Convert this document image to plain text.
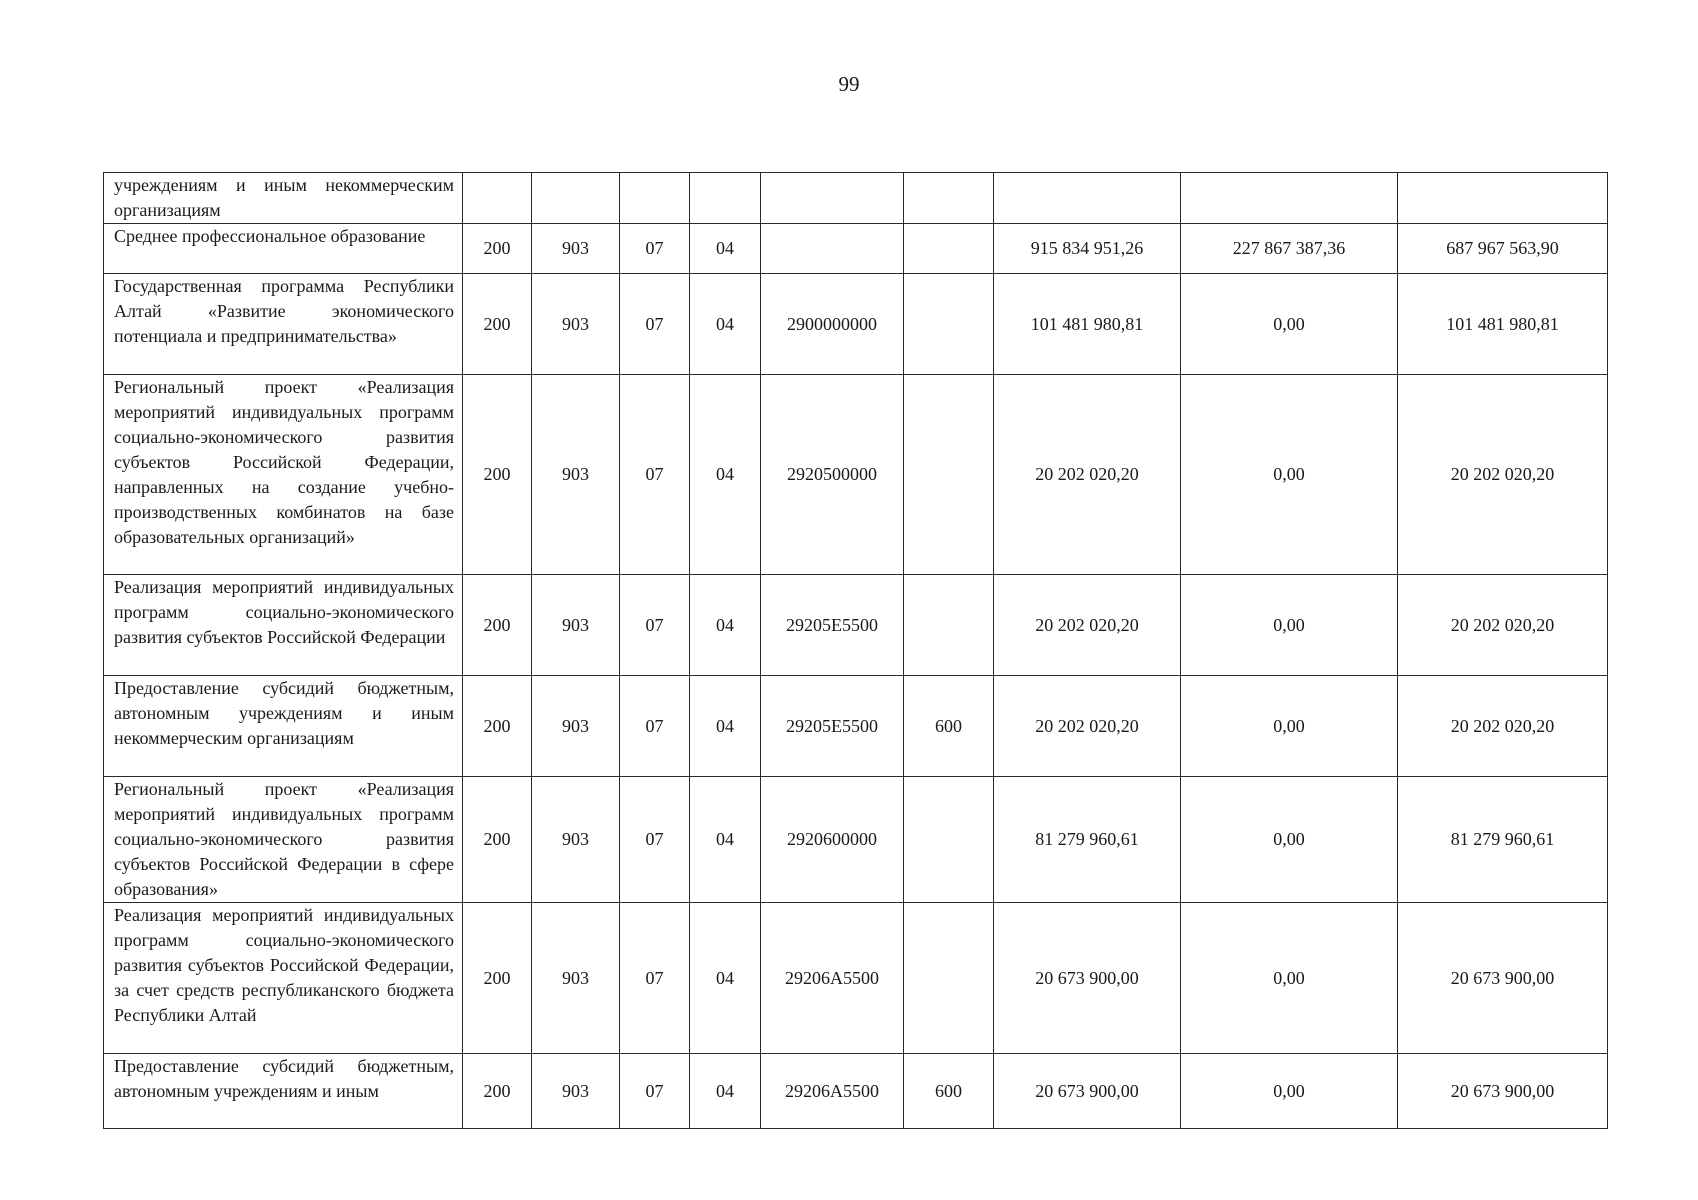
99
учреждениям и иным некоммерческим организациям									

Среднее профессиональное образование	200	903	07	04			915 834 951,26	227 867 387,36	687 967 563,90

Государственная программа Республики Алтай «Развитие экономического потенциала и предпринимательства»	200	903	07	04	2900000000		101 481 980,81	0,00	101 481 980,81

Региональный проект «Реализация мероприятий индивидуальных программ социально-экономического развития субъектов Российской Федерации, направленных на создание учебно-производственных комбинатов на базе образовательных организаций»	200	903	07	04	2920500000		20 202 020,20	0,00	20 202 020,20

Реализация мероприятий индивидуальных программ социально-экономического развития субъектов Российской Федерации	200	903	07	04	29205E5500		20 202 020,20	0,00	20 202 020,20

Предоставление субсидий бюджетным, автономным учреждениям и иным некоммерческим организациям	200	903	07	04	29205E5500	600	20 202 020,20	0,00	20 202 020,20

Региональный проект «Реализация мероприятий индивидуальных программ социально-экономического развития субъектов Российской Федерации в сфере образования»	200	903	07	04	2920600000		81 279 960,61	0,00	81 279 960,61

Реализация мероприятий индивидуальных программ социально-экономического развития субъектов Российской Федерации, за счет средств республиканского бюджета Республики Алтай	200	903	07	04	29206A5500		20 673 900,00	0,00	20 673 900,00

Предоставление субсидий бюджетным, автономным учреждениям и иным	200	903	07	04	29206A5500	600	20 673 900,00	0,00	20 673 900,00
